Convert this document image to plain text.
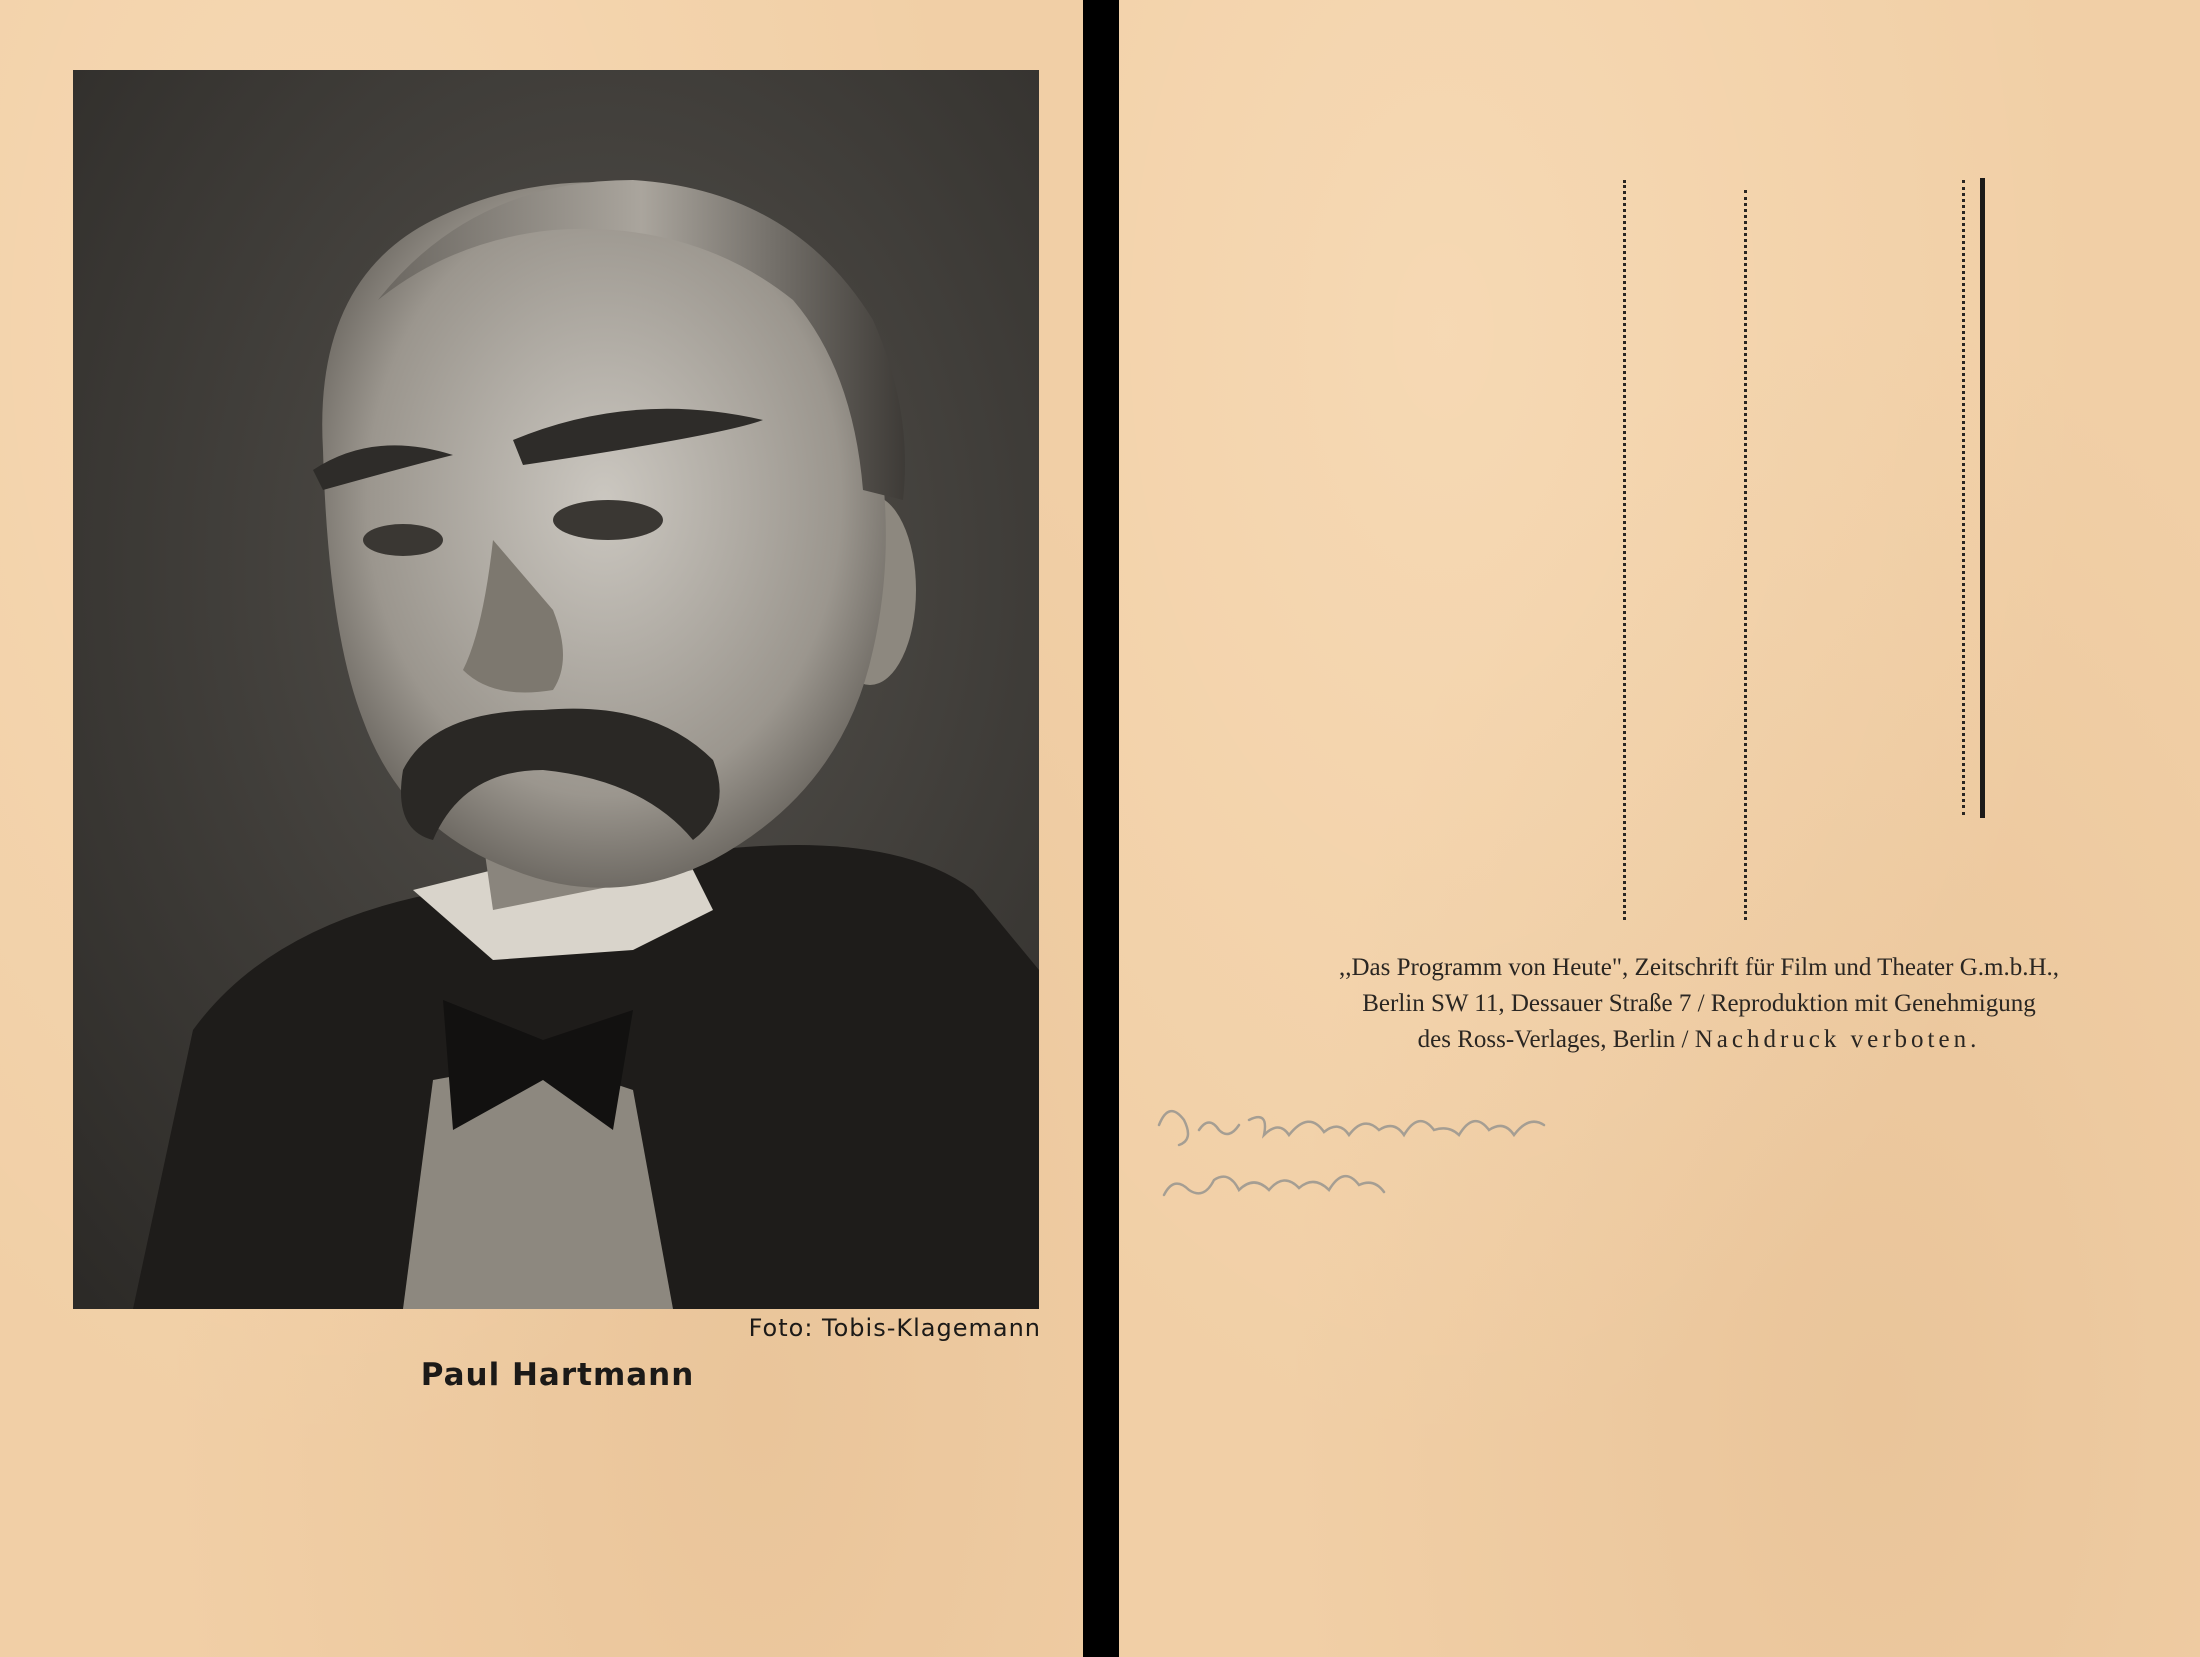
Foto: Tobis-Klagemann
Paul Hartmann
,,Das Programm von Heute", Zeitschrift für Film und Theater G.m.b.H.,
Berlin SW 11, Dessauer Straße 7 / Reproduktion mit Genehmigung
des Ross-Verlages, Berlin / Nachdruck verboten.
